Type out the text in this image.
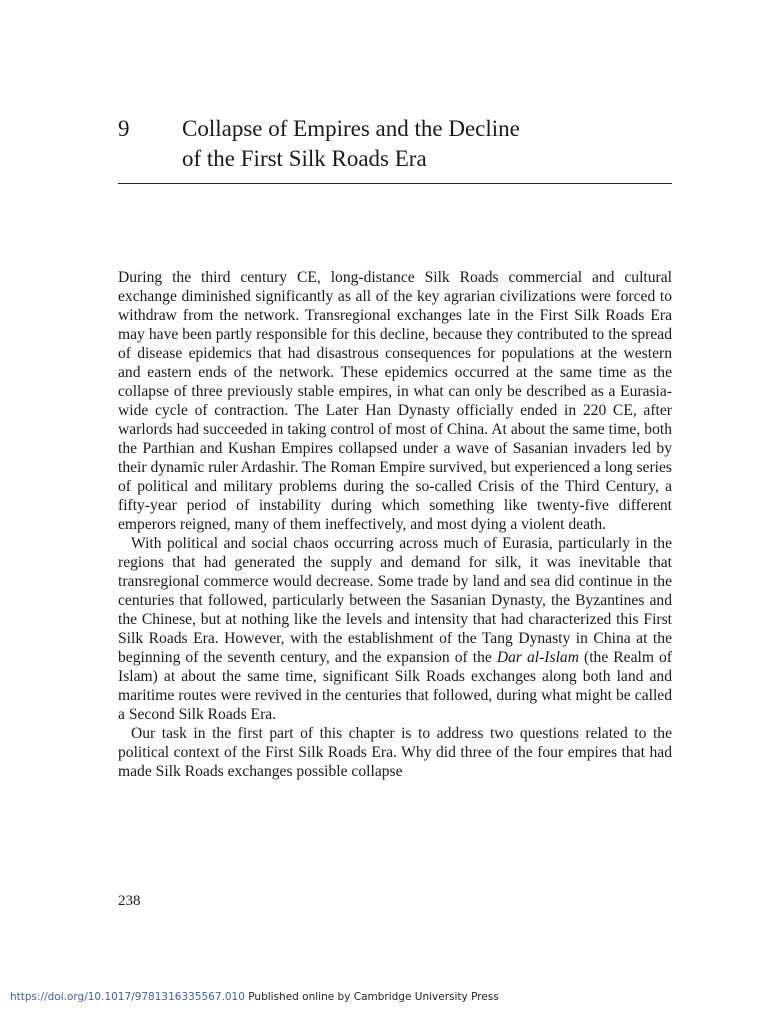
9 Collapse of Empires and the Decline
of the First Silk Roads Era

During the third century CE, long-distance Silk Roads commercial and cultural exchange diminished significantly as all of the key agrarian civilizations were forced to withdraw from the network. Transregional exchanges late in the First Silk Roads Era may have been partly responsible for this decline, because they contributed to the spread of disease epidemics that had disastrous consequences for populations at the western and eastern ends of the network. These epidemics occurred at the same time as the collapse of three previously stable empires, in what can only be described as a Eurasia-wide cycle of contraction. The Later Han Dynasty officially ended in 220 CE, after warlords had succeeded in taking control of most of China. At about the same time, both the Parthian and Kushan Empires collapsed under a wave of Sasanian invaders led by their dynamic ruler Ardashir. The Roman Empire survived, but experienced a long series of political and military problems during the so-called Crisis of the Third Century, a fifty-year period of instability during which something like twenty-five different emperors reigned, many of them ineffectively, and most dying a violent death.

With political and social chaos occurring across much of Eurasia, particularly in the regions that had generated the supply and demand for silk, it was inevitable that transregional commerce would decrease. Some trade by land and sea did continue in the centuries that followed, particularly between the Sasanian Dynasty, the Byzantines and the Chinese, but at nothing like the levels and intensity that had characterized this First Silk Roads Era. However, with the establishment of the Tang Dynasty in China at the beginning of the seventh century, and the expansion of the Dar al-Islam (the Realm of Islam) at about the same time, significant Silk Roads exchanges along both land and maritime routes were revived in the centuries that followed, during what might be called a Second Silk Roads Era.

Our task in the first part of this chapter is to address two questions related to the political context of the First Silk Roads Era. Why did three of the four empires that had made Silk Roads exchanges possible collapse

238
https://doi.org/10.1017/9781316335567.010 Published online by Cambridge University Press
